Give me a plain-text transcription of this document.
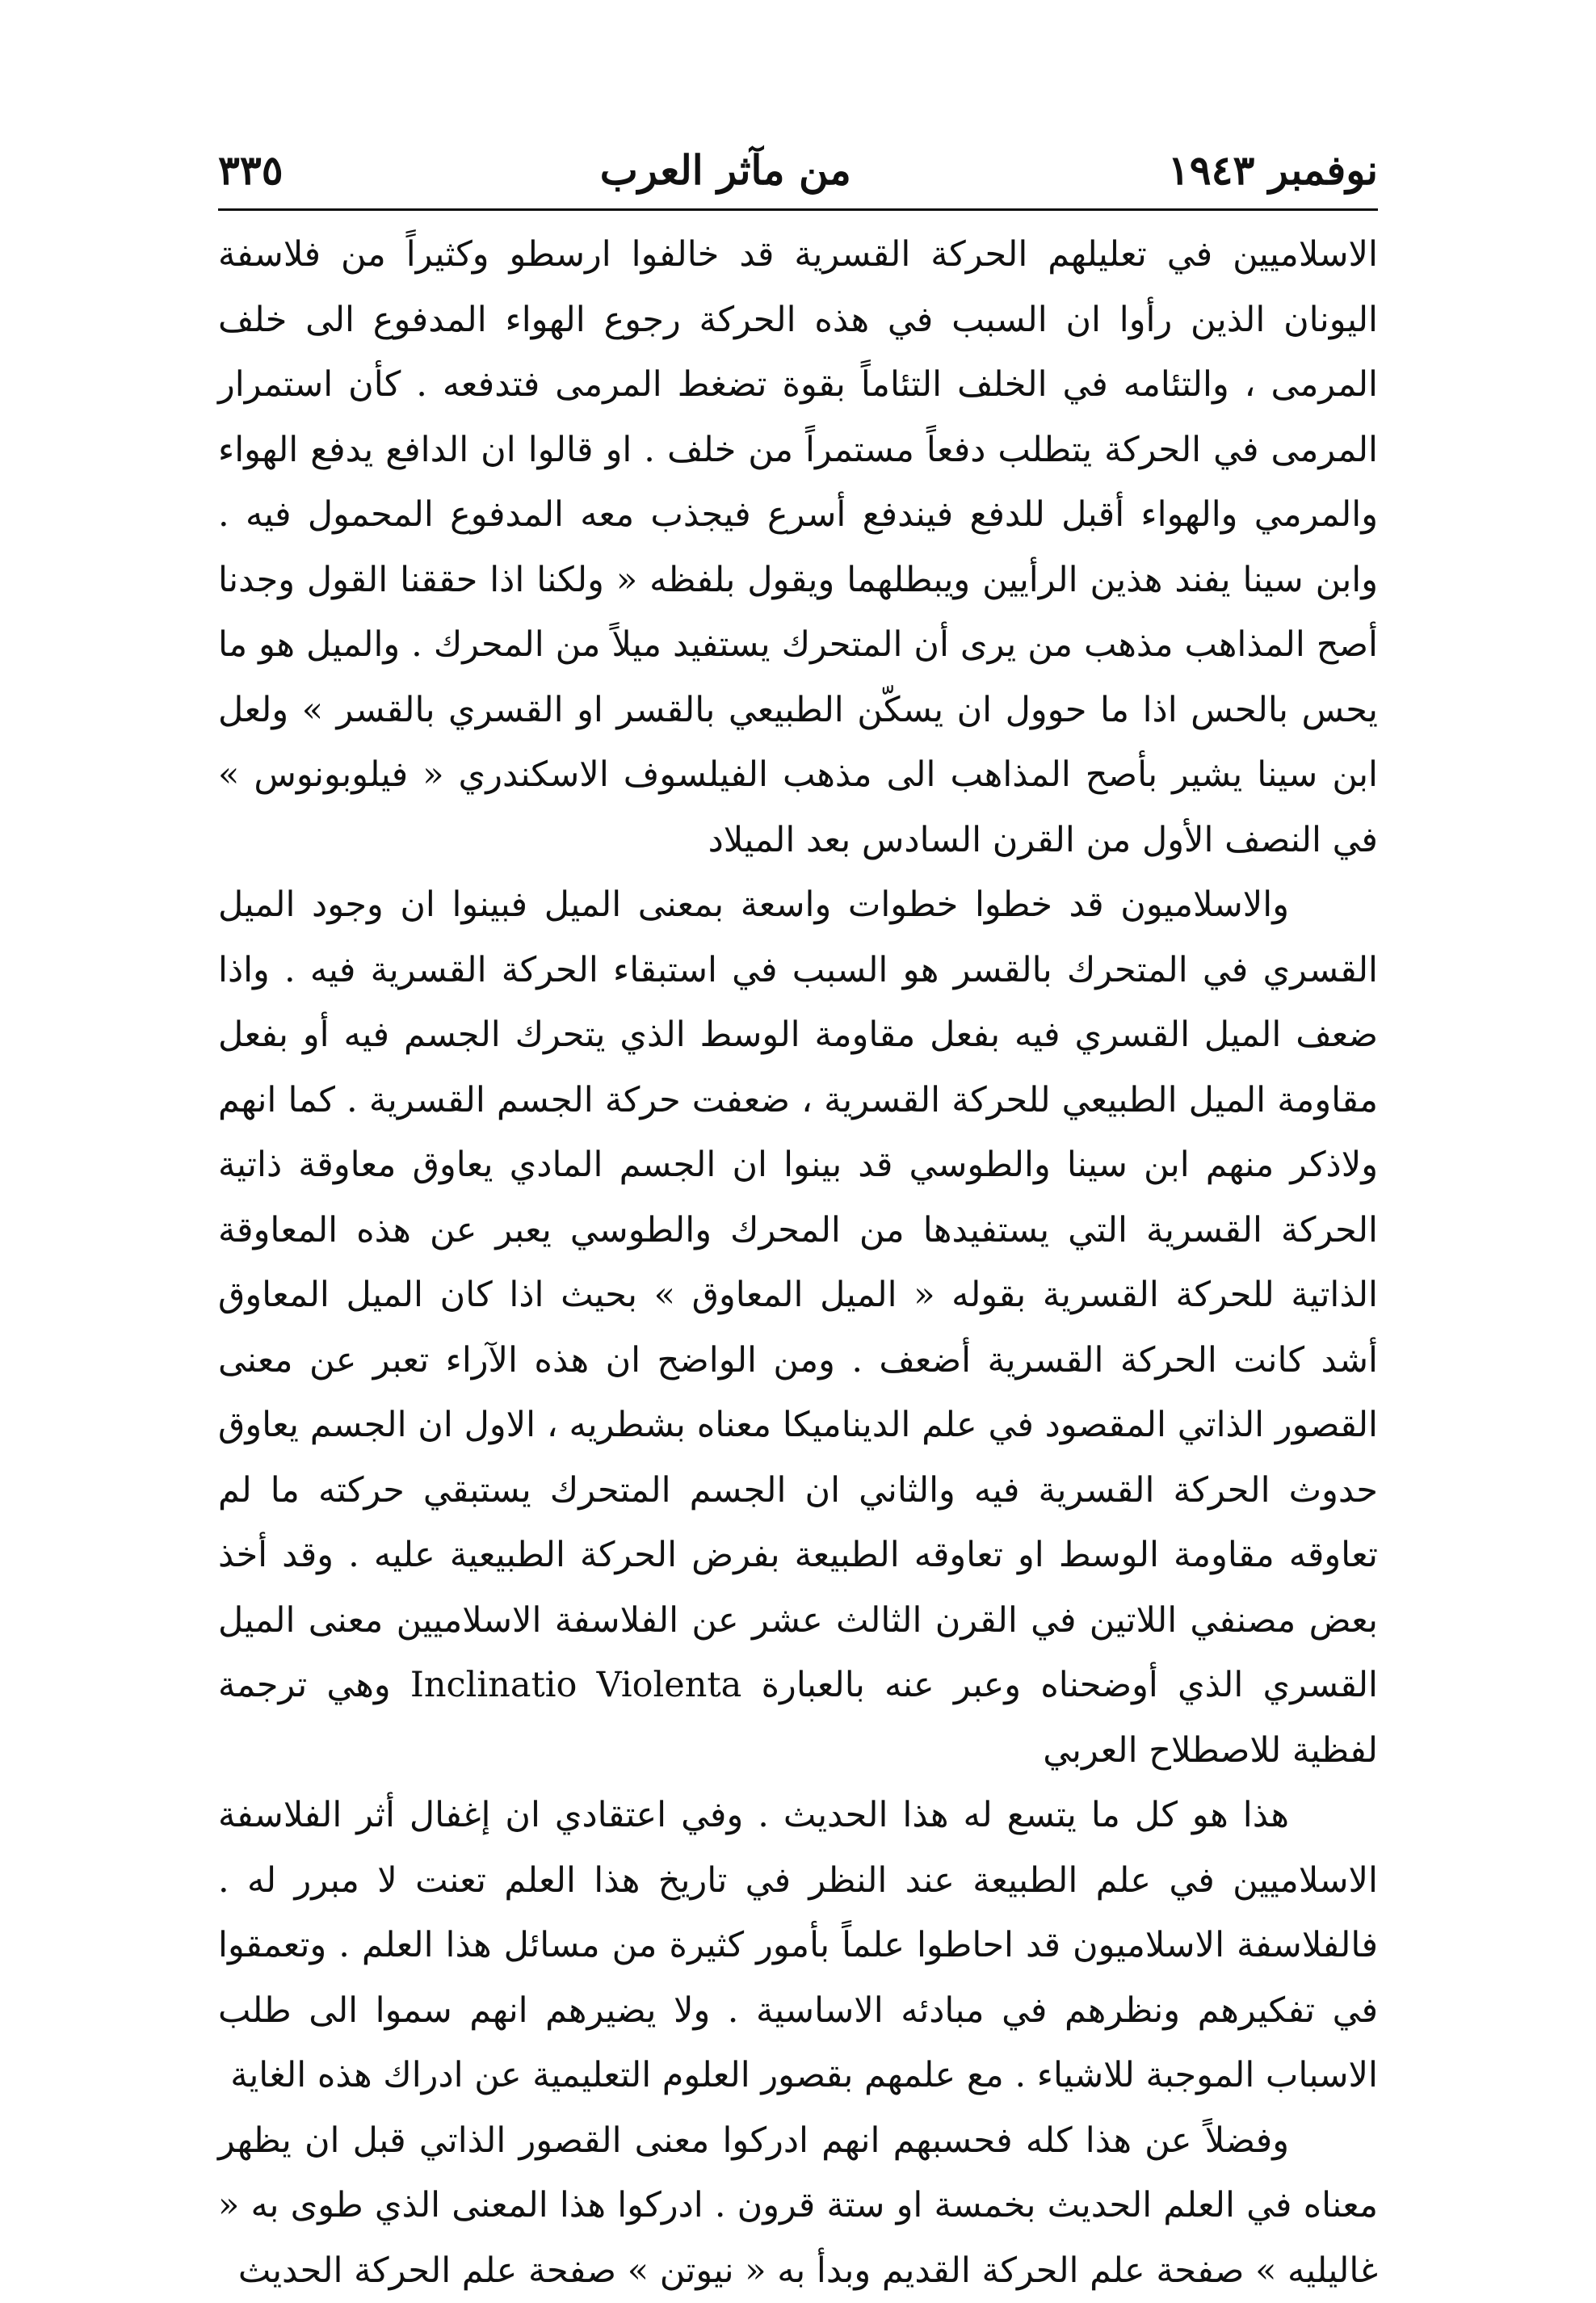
٣٣٥	من مآثر العرب	نوفمبر ١٩٤٣

الاسلاميين في تعليلهم الحركة القسرية قد خالفوا ارسطو وكثيراً من فلاسفة اليونان الذين رأوا ان السبب في هذه الحركة رجوع الهواء المدفوع الى خلف المرمى ، والتئامه في الخلف التئاماً بقوة تضغط المرمى فتدفعه . كأن استمرار المرمى في الحركة يتطلب دفعاً مستمراً من خلف . او قالوا ان الدافع يدفع الهواء والمرمي والهواء أقبل للدفع فيندفع أسرع فيجذب معه المدفوع المحمول فيه . وابن سينا يفند هذين الرأيين ويبطلهما ويقول بلفظه « ولكنا اذا حققنا القول وجدنا أصح المذاهب مذهب من يرى أن المتحرك يستفيد ميلاً من المحرك . والميل هو ما يحس بالحس اذا ما حوول ان يسكّن الطبيعي بالقسر او القسري بالقسر » ولعل ابن سينا يشير بأصح المذاهب الى مذهب الفيلسوف الاسكندري « فيلوبونوس » في النصف الأول من القرن السادس بعد الميلاد

والاسلاميون قد خطوا خطوات واسعة بمعنى الميل فبينوا ان وجود الميل القسري في المتحرك بالقسر هو السبب في استبقاء الحركة القسرية فيه . واذا ضعف الميل القسري فيه بفعل مقاومة الوسط الذي يتحرك الجسم فيه أو بفعل مقاومة الميل الطبيعي للحركة القسرية ، ضعفت حركة الجسم القسرية . كما انهم ولاذكر منهم ابن سينا والطوسي قد بينوا ان الجسم المادي يعاوق معاوقة ذاتية الحركة القسرية التي يستفيدها من المحرك والطوسي يعبر عن هذه المعاوقة الذاتية للحركة القسرية بقوله « الميل المعاوق » بحيث اذا كان الميل المعاوق أشد كانت الحركة القسرية أضعف . ومن الواضح ان هذه الآراء تعبر عن معنى القصور الذاتي المقصود في علم الديناميكا معناه بشطريه ، الاول ان الجسم يعاوق حدوث الحركة القسرية فيه والثاني ان الجسم المتحرك يستبقي حركته ما لم تعاوقه مقاومة الوسط او تعاوقه الطبيعة بفرض الحركة الطبيعية عليه . وقد أخذ بعض مصنفي اللاتين في القرن الثالث عشر عن الفلاسفة الاسلاميين معنى الميل القسري الذي أوضحناه وعبر عنه بالعبارة Inclinatio Violenta وهي ترجمة لفظية للاصطلاح العربي

هذا هو كل ما يتسع له هذا الحديث . وفي اعتقادي ان إغفال أثر الفلاسفة الاسلاميين في علم الطبيعة عند النظر في تاريخ هذا العلم تعنت لا مبرر له . فالفلاسفة الاسلاميون قد احاطوا علماً بأمور كثيرة من مسائل هذا العلم . وتعمقوا في تفكيرهم ونظرهم في مبادئه الاساسية . ولا يضيرهم انهم سموا الى طلب الاسباب الموجبة للاشياء . مع علمهم بقصور العلوم التعليمية عن ادراك هذه الغاية

وفضلاً عن هذا كله فحسبهم انهم ادركوا معنى القصور الذاتي قبل ان يظهر معناه في العلم الحديث بخمسة او ستة قرون . ادركوا هذا المعنى الذي طوى به « غاليليه » صفحة علم الحركة القديم وبدأ به « نيوتن » صفحة علم الحركة الحديث
